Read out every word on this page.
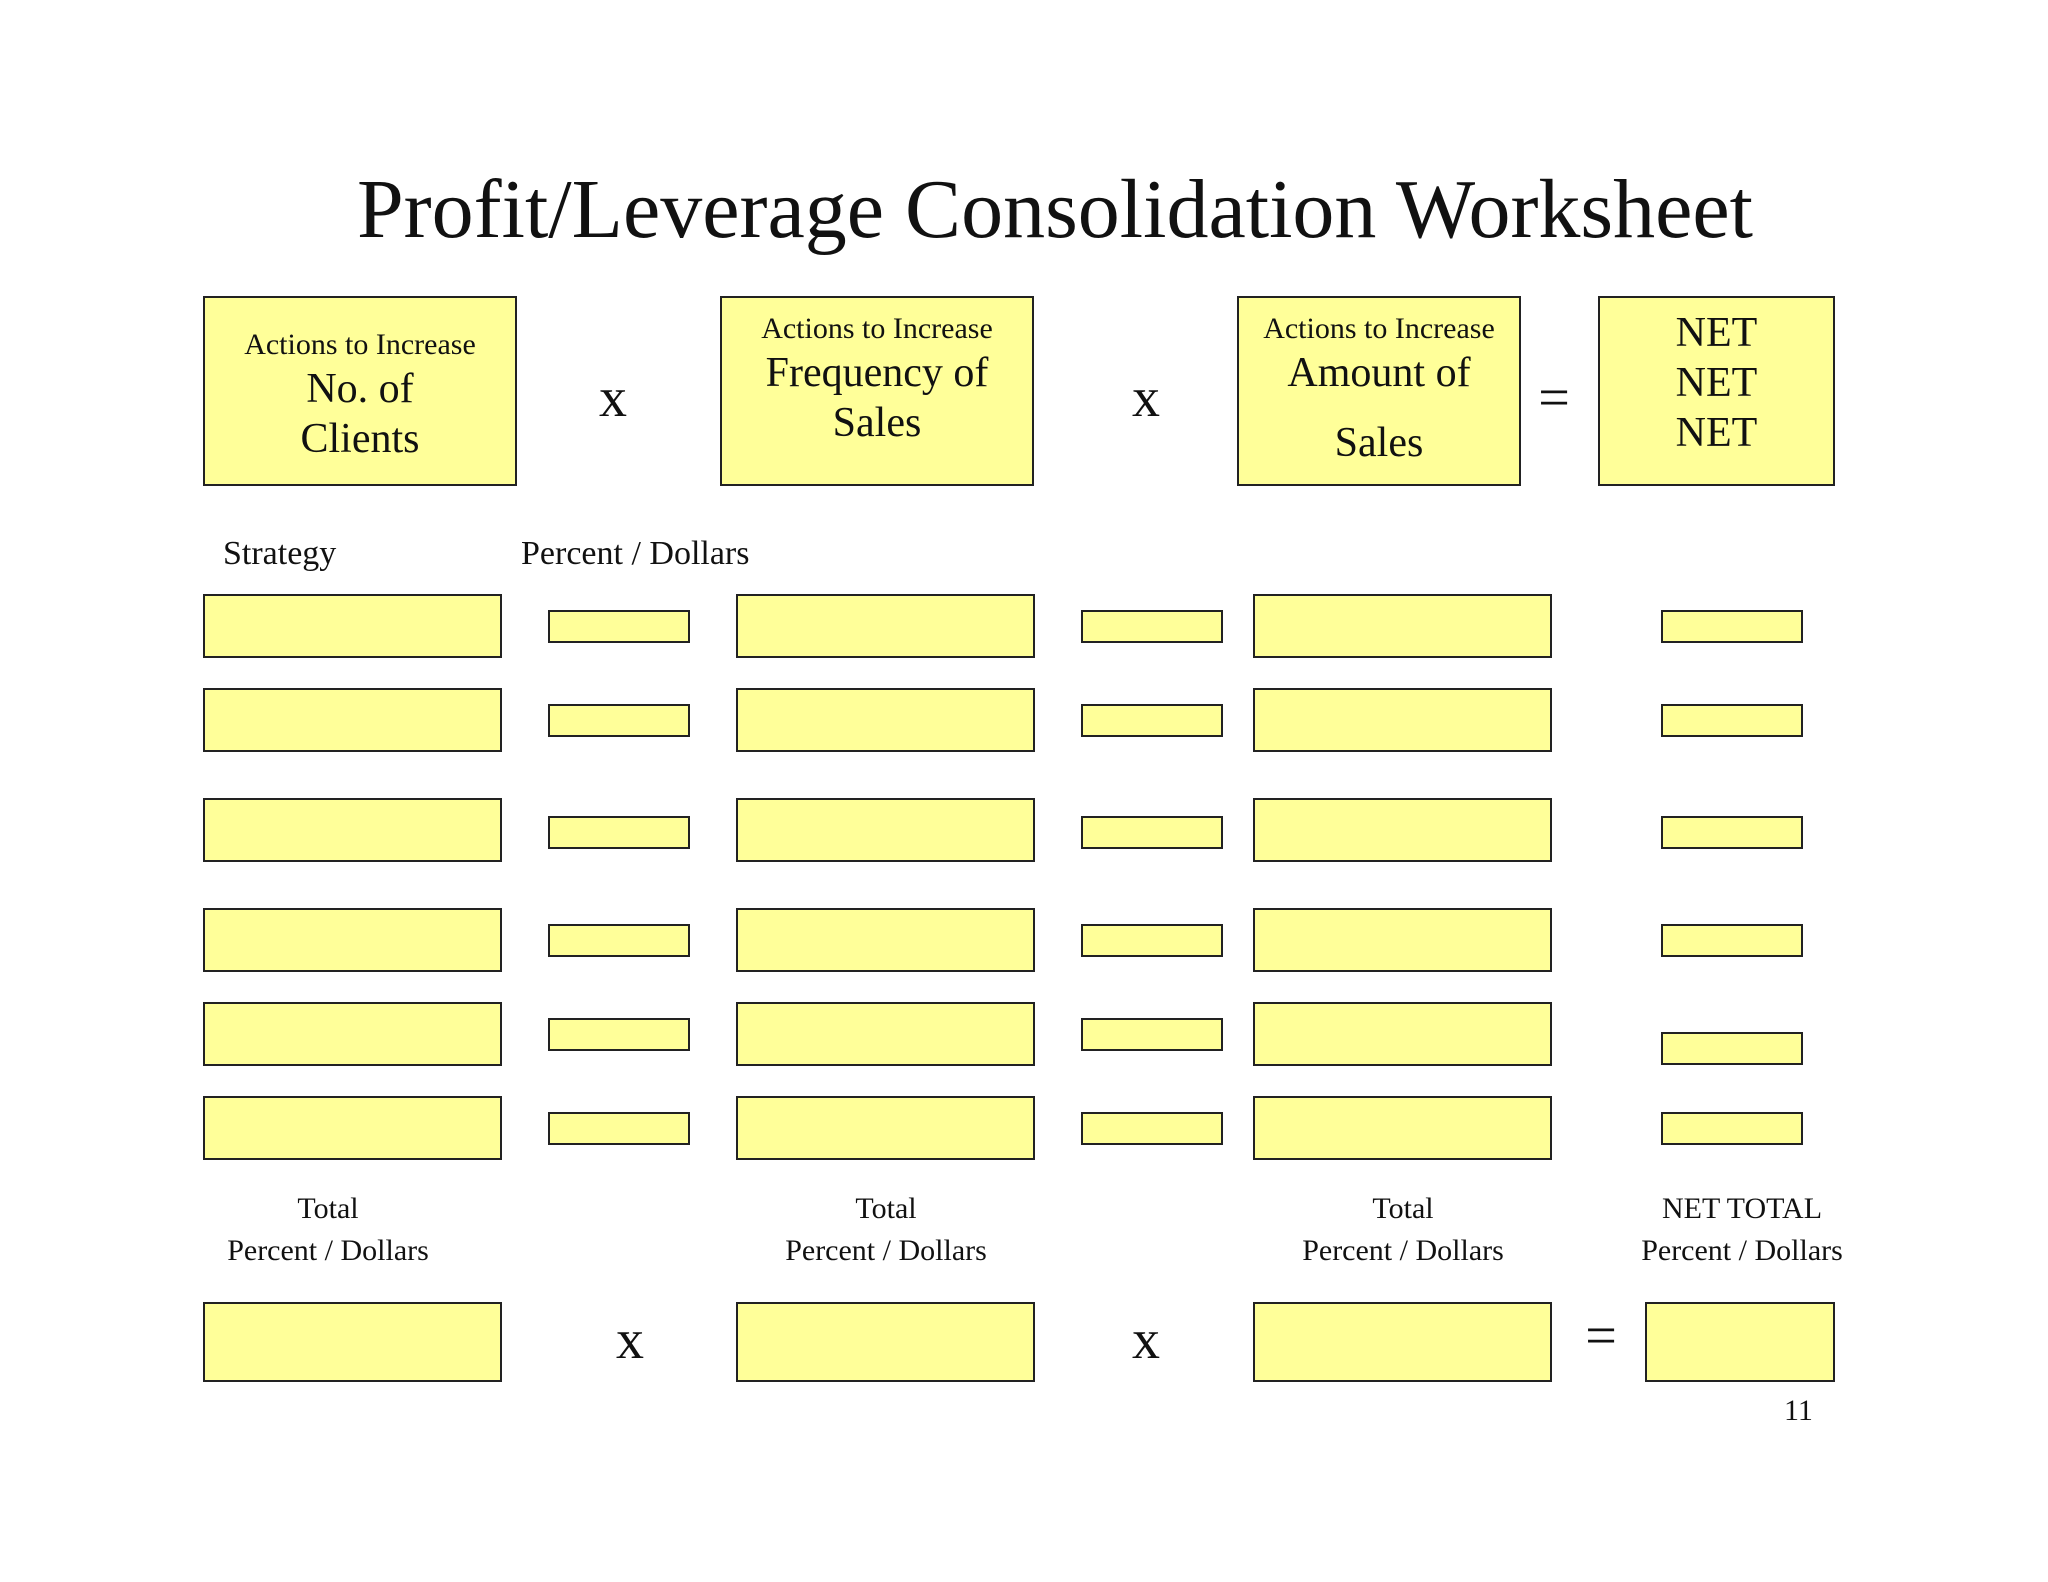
Profit/Leverage Consolidation Worksheet
Actions to Increase
No. of
Clients
x
Actions to Increase
Frequency of
Sales	x
Actions to Increase
Amount of
Sales
=
NET
NET
NET
Strategy	Percent / Dollars
Total
Percent / Dollars
Total
Percent / Dollars
Total
Percent / Dollars
NET TOTAL
Percent / Dollars
x	x	=
11
